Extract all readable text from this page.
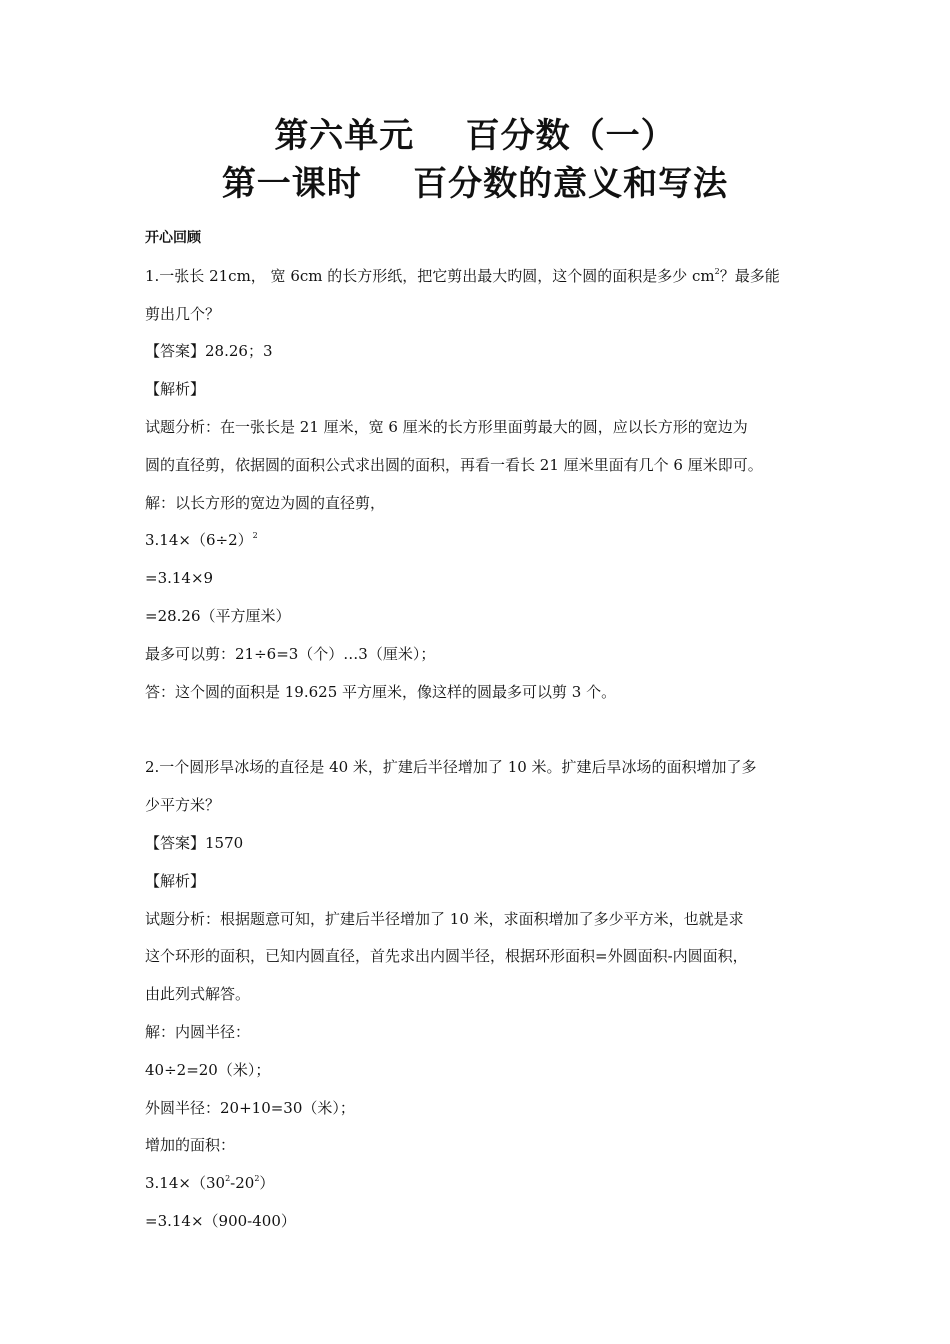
第六单元    百分数（一）
第一课时    百分数的意义和写法
开心回顾
1.一张长 21cm， 宽 6cm 的长方形纸，把它剪出最大旳圆，这个圆的面积是多少 $cm^2$？最多能
剪出几个？
【答案】28.26；3
【解析】
试题分析：在一张长是 21 厘米，宽 6 厘米的长方形里面剪最大的圆，应以长方形的宽边为
圆的直径剪，依据圆的面积公式求出圆的面积，再看一看长 21 厘米里面有几个 6 厘米即可。
解：以长方形的宽边为圆的直径剪，
$3.14\times(6\div 2)^2$
=3.14×9
=28.26（平方厘米）
最多可以剪：21÷6=3（个）…3（厘米）；
答：这个圆的面积是 19.625 平方厘米，像这样的圆最多可以剪 3 个。
2.一个圆形旱冰场的直径是 40 米，扩建后半径增加了 10 米。扩建后旱冰场的面积增加了多
少平方米？
【答案】1570
【解析】
试题分析：根据题意可知，扩建后半径增加了 10 米，求面积增加了多少平方米，也就是求
这个环形的面积，已知内圆直径，首先求出内圆半径，根据环形面积=外圆面积-内圆面积，
由此列式解答。
解：内圆半径：
40÷2=20（米）；
外圆半径：20+10=30（米）；
增加的面积：
$3.14\times(30^2-20^2)$
=3.14×（900-400）
